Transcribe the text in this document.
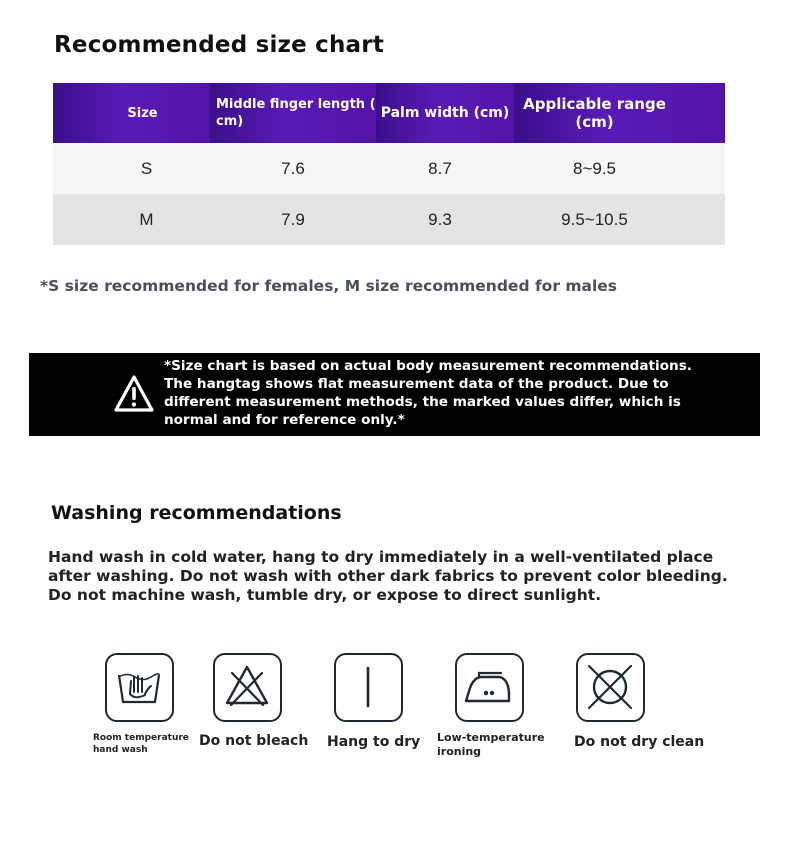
Recommended size chart
Size	Middle finger length ( cm)	Palm width (cm)	Applicable range (cm)
S	7.6	8.7	8~9.5
M	7.9	9.3	9.5~10.5
*S size recommended for females, M size recommended for males
*Size chart is based on actual body measurement recommendations. The hangtag shows flat measurement data of the product. Due to different measurement methods, the marked values differ, which is normal and for reference only.*
Washing recommendations
Hand wash in cold water, hang to dry immediately in a well-ventilated place after washing. Do not wash with other dark fabrics to prevent color bleeding. Do not machine wash, tumble dry, or expose to direct sunlight.
Room temperature hand wash
Do not bleach Hang to dry Low-temperature ironing
Do not dry clean
